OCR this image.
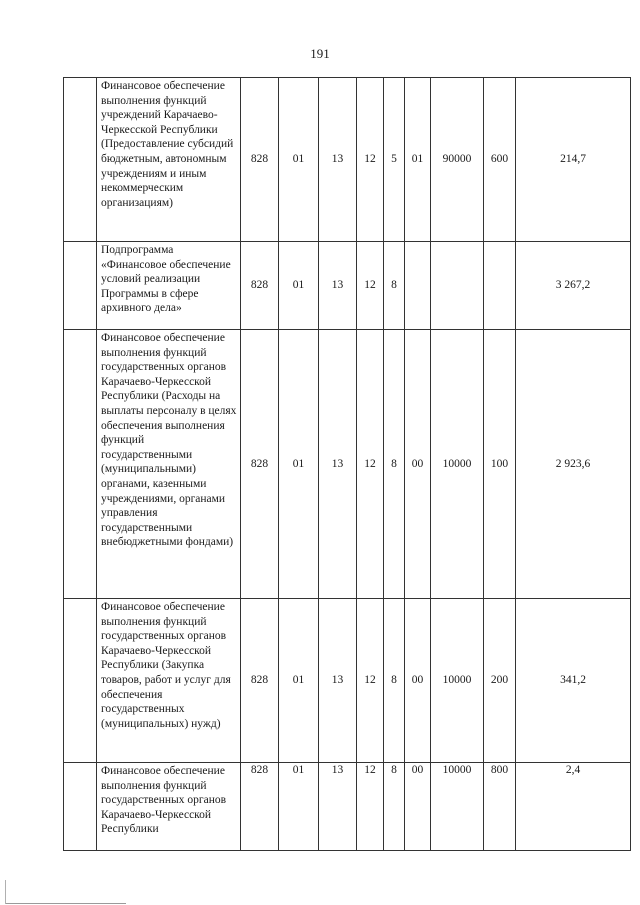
191
	Финансовое обеспечение выполнения функций учреждений Карачаево-Черкесской Республики (Предоставление субсидий бюджетным, автономным учреждениям и иным некоммерческим организациям)	828	01	13	12	5	01	90000	600	214,7
	Подпрограмма «Финансовое обеспечение условий реализации Программы в сфере архивного дела»	828	01	13	12	8				3 267,2
	Финансовое обеспечение выполнения функций государственных органов Карачаево-Черкесской Республики (Расходы на выплаты персоналу в целях обеспечения выполнения функций государственными (муниципальными) органами, казенными учреждениями, органами управления государственными внебюджетными фондами)	828	01	13	12	8	00	10000	100	2 923,6
	Финансовое обеспечение выполнения функций государственных органов Карачаево-Черкесской Республики (Закупка товаров, работ и услуг для обеспечения государственных (муниципальных) нужд)	828	01	13	12	8	00	10000	200	341,2
	Финансовое обеспечение выполнения функций государственных органов Карачаево-Черкесской Республики	828	01	13	12	8	00	10000	800	2,4
